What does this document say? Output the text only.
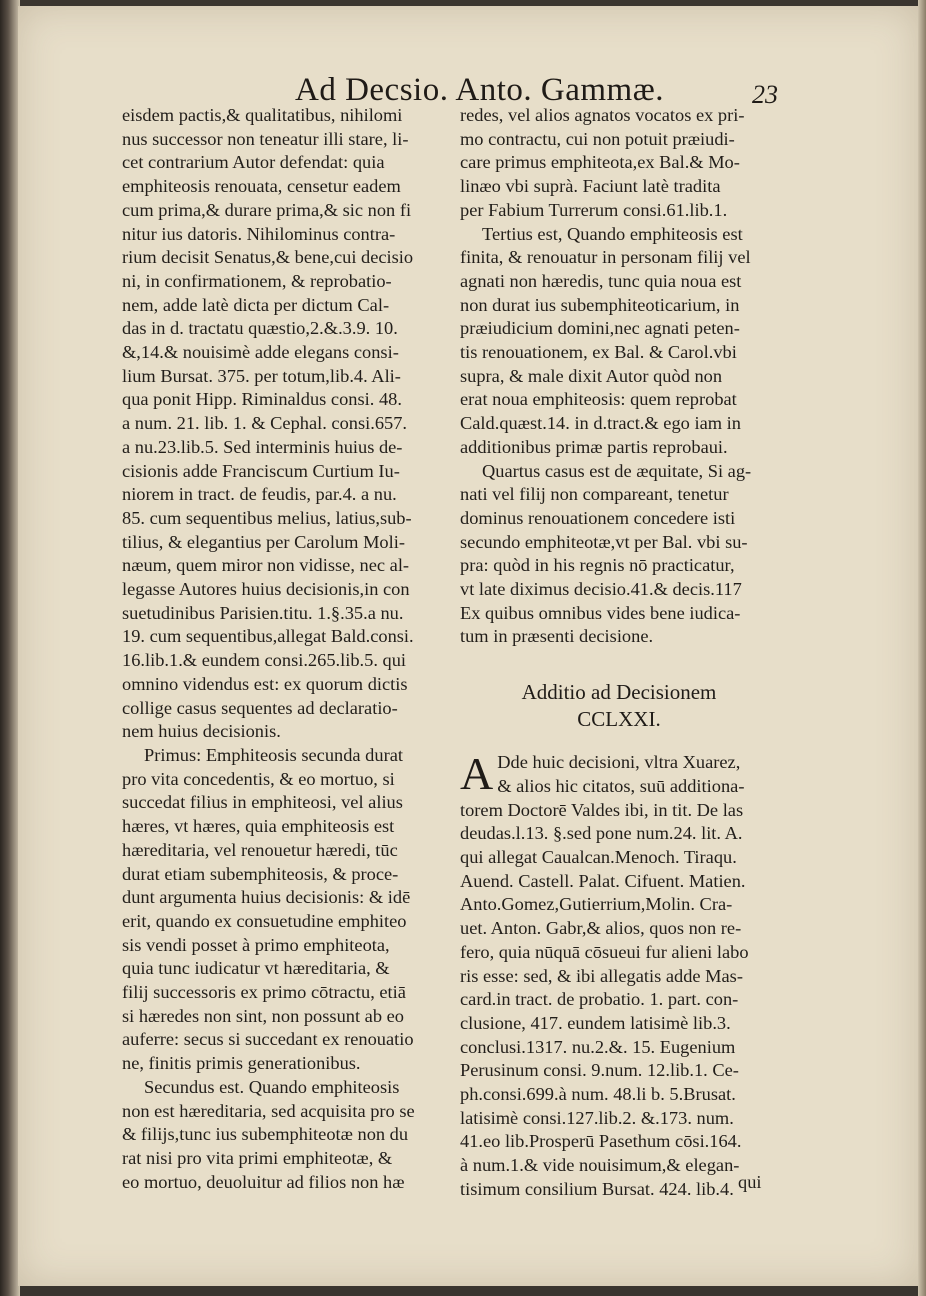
Ad Decsio. Anto. Gammæ.	23
eisdem pactis,& qualitatibus, nihilomi
nus successor non teneatur illi stare, li-
cet contrarium Autor defendat: quia
emphiteosis renouata, censetur eadem
cum prima,& durare prima,& sic non fi
nitur ius datoris. Nihilominus contra-
rium decisit Senatus,& bene,cui decisio
ni, in confirmationem, & reprobatio-
nem, adde latè dicta per dictum Cal-
das in d. tractatu quæstio,2.&.3.9. 10.
&,14.& nouisimè adde elegans consi-
lium Bursat. 375. per totum,lib.4. Ali-
qua ponit Hipp. Riminaldus consi. 48.
a num. 21. lib. 1. & Cephal. consi.657.
a nu.23.lib.5. Sed interminis huius de-
cisionis adde Franciscum Curtium Iu-
niorem in tract. de feudis, par.4. a nu.
85. cum sequentibus melius, latius,sub-
tilius, & elegantius per Carolum Moli-
næum, quem miror non vidisse, nec al-
legasse Autores huius decisionis,in con
suetudinibus Parisien.titu. 1.§.35.a nu.
19. cum sequentibus,allegat Bald.consi.
16.lib.1.& eundem consi.265.lib.5. qui
omnino videndus est: ex quorum dictis
collige casus sequentes ad declaratio-
nem huius decisionis.
Primus: Emphiteosis secunda durat
pro vita concedentis, & eo mortuo, si
succedat filius in emphiteosi, vel alius
hæres, vt hæres, quia emphiteosis est
hæreditaria, vel renouetur hæredi, tūc
durat etiam subemphiteosis, & proce-
dunt argumenta huius decisionis: & idē
erit, quando ex consuetudine emphiteo
sis vendi posset à primo emphiteota,
quia tunc iudicatur vt hæreditaria, &
filij successoris ex primo cōtractu, etiā
si hæredes non sint, non possunt ab eo
auferre: secus si succedant ex renouatio
ne, finitis primis generationibus.
Secundus est. Quando emphiteosis
non est hæreditaria, sed acquisita pro se
& filijs,tunc ius subemphiteotæ non du
rat nisi pro vita primi emphiteotæ, &
eo mortuo, deuoluitur ad filios non hæ
redes, vel alios agnatos vocatos ex pri-
mo contractu, cui non potuit præiudi-
care primus emphiteota,ex Bal.& Mo-
linæo vbi suprà. Faciunt latè tradita
per Fabium Turrerum consi.61.lib.1.
Tertius est, Quando emphiteosis est
finita, & renouatur in personam filij vel
agnati non hæredis, tunc quia noua est
non durat ius subemphiteoticarium, in
præiudicium domini,nec agnati peten-
tis renouationem, ex Bal. & Carol.vbi
supra, & male dixit Autor quòd non
erat noua emphiteosis: quem reprobat
Cald.quæst.14. in d.tract.& ego iam in
additionibus primæ partis reprobaui.
Quartus casus est de æquitate, Si ag-
nati vel filij non compareant, tenetur
dominus renouationem concedere isti
secundo emphiteotæ,vt per Bal. vbi su-
pra: quòd in his regnis nō practicatur,
vt late diximus decisio.41.& decis.117
Ex quibus omnibus vides bene iudica-
tum in præsenti decisione.
Additio ad Decisionem
CCLXXI.
A Dde huic decisioni, vltra Xuarez,
& alios hic citatos, suū additiona-
torem Doctorē Valdes ibi, in tit. De las
deudas.l.13. §.sed pone num.24. lit. A.
qui allegat Caualcan.Menoch. Tiraqu.
Auend. Castell. Palat. Cifuent. Matien.
Anto.Gomez,Gutierrium,Molin. Cra-
uet. Anton. Gabr,& alios, quos non re-
fero, quia nūquā cōsueui fur alieni labo
ris esse: sed, & ibi allegatis adde Mas-
card.in tract. de probatio. 1. part. con-
clusione, 417. eundem latisimè lib.3.
conclusi.1317. nu.2.&. 15. Eugenium
Perusinum consi. 9.num. 12.lib.1. Ce-
ph.consi.699.à num. 48.li b. 5.Brusat.
latisimè consi.127.lib.2. &.173. num.
41.eo lib.Prosperū Pasethum cōsi.164.
à num.1.& vide nouisimum,& elegan-
tisimum consilium Bursat. 424. lib.4. qui
